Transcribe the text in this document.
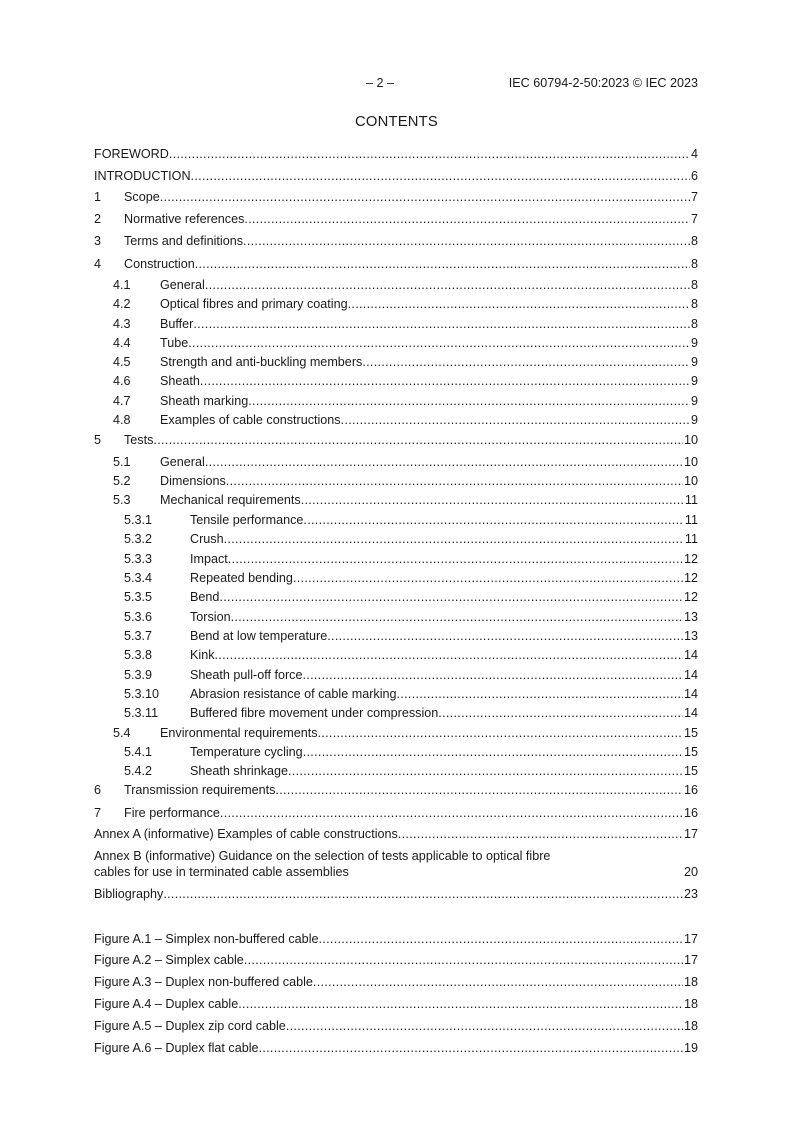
– 2 –	IEC 60794-2-50:2023 © IEC 2023
CONTENTS
FOREWORD . . .	4
INTRODUCTION . . .	6
1 Scope . . .	7
2 Normative references . . .	7
3 Terms and definitions . . .	8
4 Construction . . .	8
4.1 General . . .	8
4.2 Optical fibres and primary coating . . .	8
4.3 Buffer . . .	8
4.4 Tube . . .	9
4.5 Strength and anti-buckling members . . .	9
4.6 Sheath . . .	9
4.7 Sheath marking . . .	9
4.8 Examples of cable constructions . . .	9
5 Tests . . .	10
5.1 General . . .	10
5.2 Dimensions . . .	10
5.3 Mechanical requirements . . .	11
5.3.1	Tensile performance . . .	11
5.3.2	Crush . . .	11
5.3.3	Impact . . .	12
5.3.4	Repeated bending . . .	12
5.3.5	Bend . . .	12
5.3.6	Torsion . . .	13
5.3.7	Bend at low temperature . . .	13
5.3.8	Kink . . .	14
5.3.9	Sheath pull-off force . . .	14
5.3.10 Abrasion resistance of cable marking . . .	14
5.3.11	Buffered fibre movement under compression . . .	14
5.4 Environmental requirements . . .	15
5.4.1	Temperature cycling . . .	15
5.4.2	Sheath shrinkage . . .	15
6 Transmission requirements . . .	16
7 Fire performance . . .	16
Annex A (informative) Examples of cable constructions . . .	17
Annex B (informative) Guidance on the selection of tests applicable to optical fibre
cables for use in terminated cable assemblies	20
Bibliography . . .	23
Figure A.1 – Simplex non-buffered cable . . .	17
Figure A.2 – Simplex cable . . .	17
Figure A.3 – Duplex non-buffered cable . . .	18
Figure A.4 – Duplex cable . . .	18
Figure A.5 – Duplex zip cord cable . . .	18
Figure A.6 – Duplex flat cable . . .	19
